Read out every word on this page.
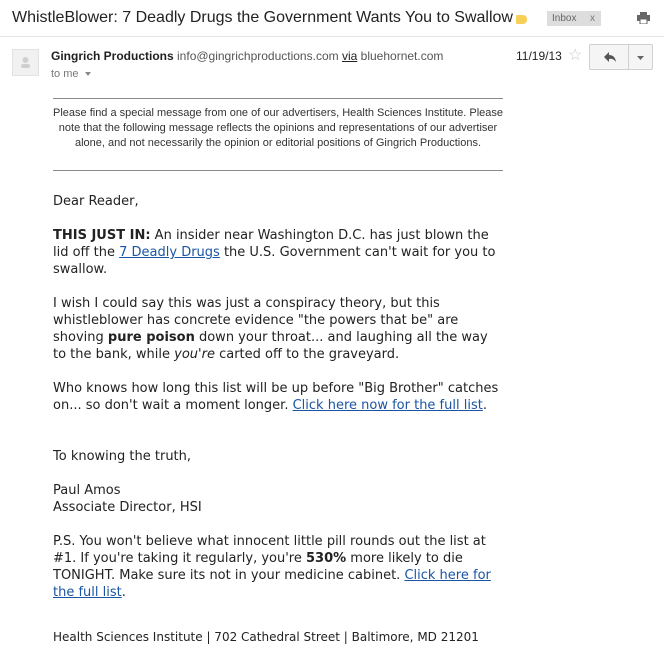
WhistleBlower: 7 Deadly Drugs the Government Wants You to Swallow	Inbox x
Gingrich Productions info@gingrichproductions.com via bluehornet.com
to me
11/19/13 ☆
Please find a special message from one of our advertisers, Health Sciences Institute. Please note that the following message reflects the opinions and representations of our advertiser alone, and not necessarily the opinion or editorial positions of Gingrich Productions.

Dear Reader,

THIS JUST IN: An insider near Washington D.C. has just blown the lid off the 7 Deadly Drugs the U.S. Government can't wait for you to swallow.

I wish I could say this was just a conspiracy theory, but this whistleblower has concrete evidence "the powers that be" are shoving pure poison down your throat... and laughing all the way to the bank, while you're carted off to the graveyard.

Who knows how long this list will be up before "Big Brother" catches on... so don't wait a moment longer. Click here now for the full list.

To knowing the truth,

Paul Amos

Associate Director, HSI

P.S. You won't believe what innocent little pill rounds out the list at #1. If you're taking it regularly, you're 530% more likely to die TONIGHT. Make sure its not in your medicine cabinet. Click here for the full list.

Health Sciences Institute | 702 Cathedral Street | Baltimore, MD 21201
